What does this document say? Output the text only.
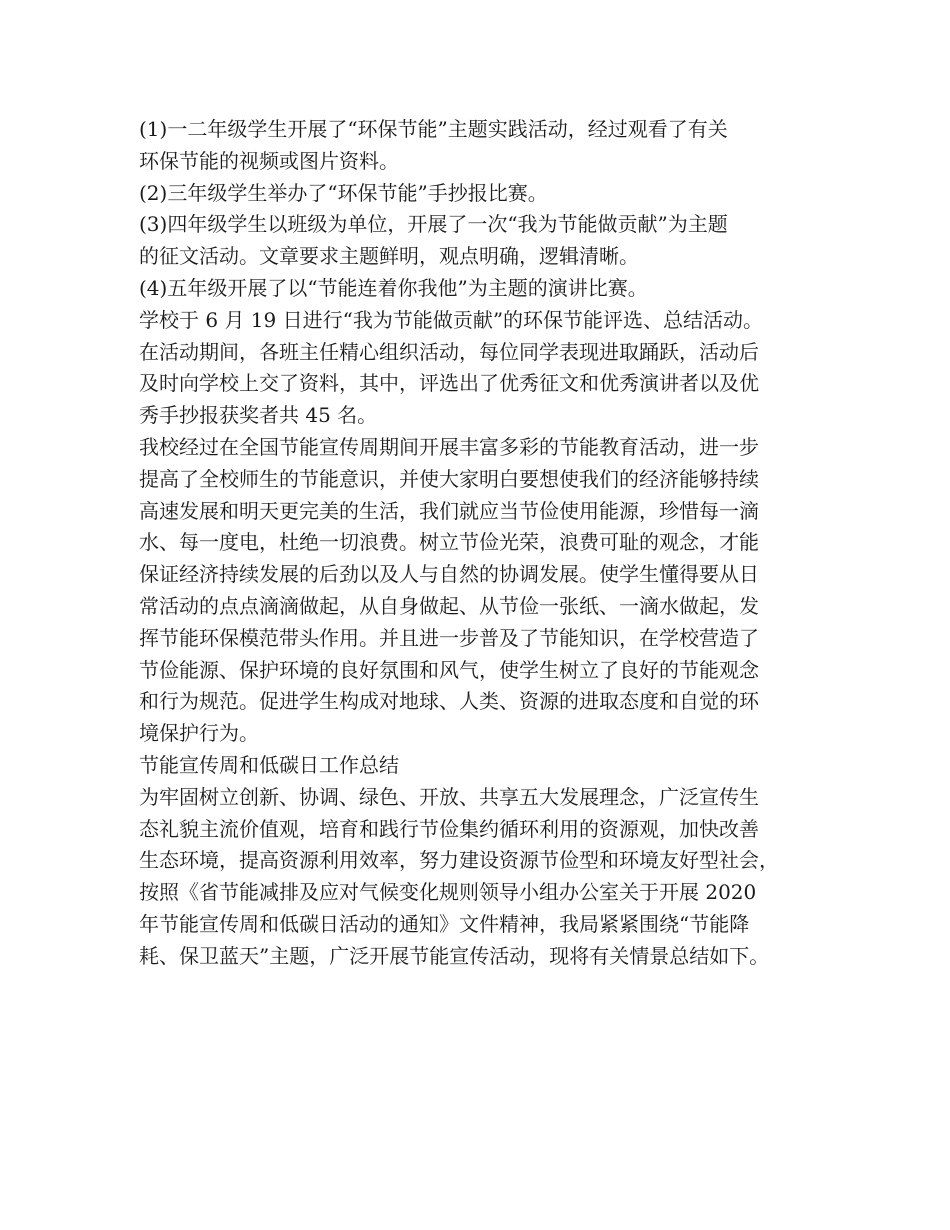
(1)一二年级学生开展了“环保节能”主题实践活动，经过观看了有关

环保节能的视频或图片资料。

(2)三年级学生举办了“环保节能”手抄报比赛。

(3)四年级学生以班级为单位，开展了一次“我为节能做贡献”为主题

的征文活动。文章要求主题鲜明，观点明确，逻辑清晰。

(4)五年级开展了以“节能连着你我他”为主题的演讲比赛。

学校于 6 月 19 日进行“我为节能做贡献”的环保节能评选、总结活动。

在活动期间，各班主任精心组织活动，每位同学表现进取踊跃，活动后

及时向学校上交了资料，其中，评选出了优秀征文和优秀演讲者以及优

秀手抄报获奖者共 45 名。

我校经过在全国节能宣传周期间开展丰富多彩的节能教育活动，进一步

提高了全校师生的节能意识，并使大家明白要想使我们的经济能够持续

高速发展和明天更完美的生活，我们就应当节俭使用能源，珍惜每一滴

水、每一度电，杜绝一切浪费。树立节俭光荣，浪费可耻的观念，才能

保证经济持续发展的后劲以及人与自然的协调发展。使学生懂得要从日

常活动的点点滴滴做起，从自身做起、从节俭一张纸、一滴水做起，发

挥节能环保模范带头作用。并且进一步普及了节能知识，在学校营造了

节俭能源、保护环境的良好氛围和风气，使学生树立了良好的节能观念

和行为规范。促进学生构成对地球、人类、资源的进取态度和自觉的环

境保护行为。

节能宣传周和低碳日工作总结

为牢固树立创新、协调、绿色、开放、共享五大发展理念，广泛宣传生

态礼貌主流价值观，培育和践行节俭集约循环利用的资源观，加快改善

生态环境，提高资源利用效率，努力建设资源节俭型和环境友好型社会，

按照《省节能减排及应对气候变化规则领导小组办公室关于开展 2020

年节能宣传周和低碳日活动的通知》文件精神，我局紧紧围绕“节能降

耗、保卫蓝天”主题，广泛开展节能宣传活动，现将有关情景总结如下。
